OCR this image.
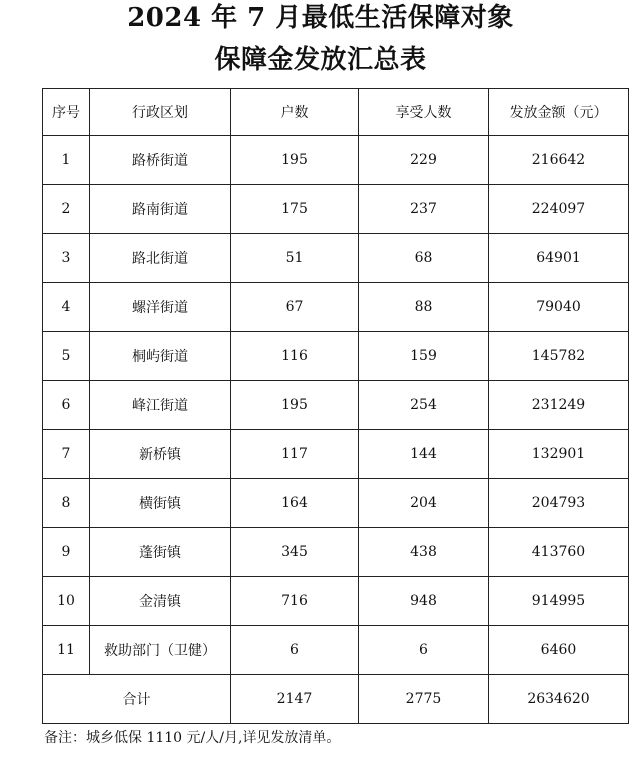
2024 年 7 月最低生活保障对象
保障金发放汇总表
序号	行政区划	户数	享受人数	发放金额（元）
1	路桥街道	195	229	216642
2	路南街道	175	237	224097
3	路北街道	51	68	64901
4	螺洋街道	67	88	79040
5	桐屿街道	116	159	145782
6	峰江街道	195	254	231249
7	新桥镇	117	144	132901
8	横街镇	164	204	204793
9	蓬街镇	345	438	413760
10	金清镇	716	948	914995
11	救助部门（卫健）	6	6	6460
合计		2147	2775	2634620
备注：城乡低保 1110 元/人/月,详见发放清单。
